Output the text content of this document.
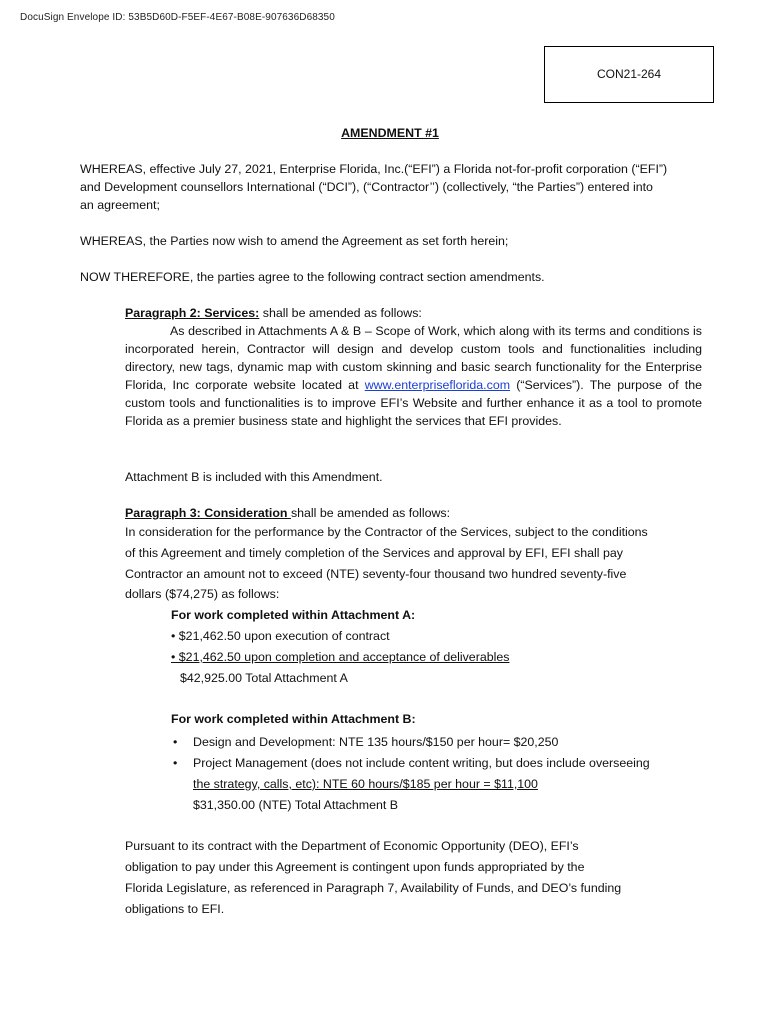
DocuSign Envelope ID: 53B5D60D-F5EF-4E67-B08E-907636D68350
CON21-264
AMENDMENT #1
WHEREAS, effective July 27, 2021, Enterprise Florida, Inc.(“EFI”) a Florida not-for-profit corporation (“EFI”)
and Development counsellors International (“DCI”), (“Contractor’’) (collectively, “the Parties”) entered into
an agreement;
WHEREAS, the Parties now wish to amend the Agreement as set forth herein;
NOW THEREFORE, the parties agree to the following contract section amendments.
Paragraph 2: Services: shall be amended as follows:
As described in Attachments A & B – Scope of Work, which along with its terms and conditions is incorporated herein, Contractor will design and develop custom tools and functionalities including directory, new tags, dynamic map with custom skinning and basic search functionality for the Enterprise Florida, Inc corporate website located at www.enterpriseflorida.com (“Services”). The purpose of the custom tools and functionalities is to improve EFI’s Website and further enhance it as a tool to promote Florida as a premier business state and highlight the services that EFI provides.
Attachment B is included with this Amendment.
Paragraph 3: Consideration shall be amended as follows:
In consideration for the performance by the Contractor of the Services, subject to the conditions
of this Agreement and timely completion of the Services and approval by EFI, EFI shall pay
Contractor an amount not to exceed (NTE) seventy-four thousand two hundred seventy-five
dollars ($74,275) as follows:
For work completed within Attachment A:
• $21,462.50 upon execution of contract
• $21,462.50 upon completion and acceptance of deliverables
$42,925.00 Total Attachment A
For work completed within Attachment B:
• Design and Development: NTE 135 hours/$150 per hour= $20,250
• Project Management (does not include content writing, but does include overseeing
the strategy, calls, etc): NTE 60 hours/$185 per hour = $11,100
$31,350.00 (NTE) Total Attachment B
Pursuant to its contract with the Department of Economic Opportunity (DEO), EFI’s
obligation to pay under this Agreement is contingent upon funds appropriated by the
Florida Legislature, as referenced in Paragraph 7, Availability of Funds, and DEO’s funding
obligations to EFI.
